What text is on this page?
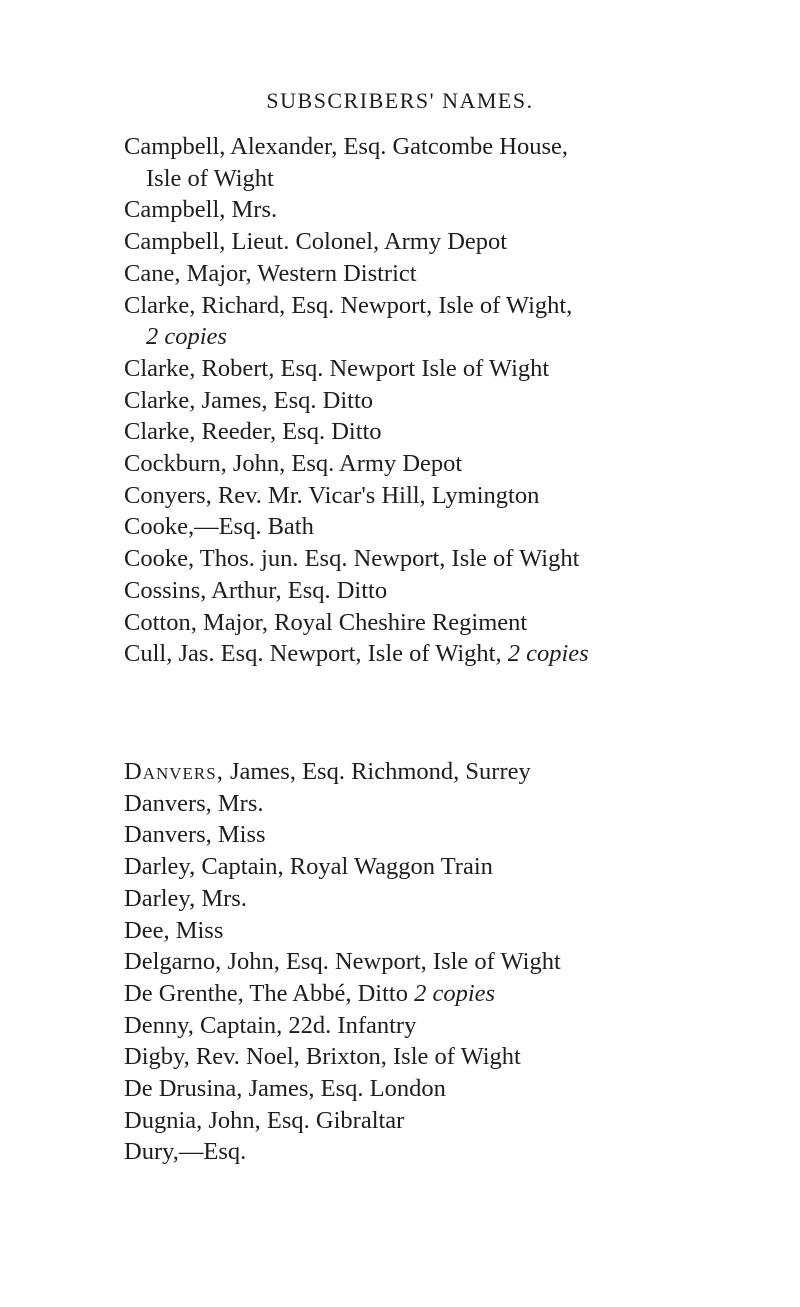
SUBSCRIBERS' NAMES.
Campbell, Alexander, Esq. Gatcombe House,
Isle of Wight
Campbell, Mrs.
Campbell, Lieut. Colonel, Army Depot
Cane, Major, Western District
Clarke, Richard, Esq. Newport, Isle of Wight,
2 copies
Clarke, Robert, Esq. Newport Isle of Wight
Clarke, James, Esq. Ditto
Clarke, Reeder, Esq. Ditto
Cockburn, John, Esq. Army Depot
Conyers, Rev. Mr. Vicar's Hill, Lymington
Cooke,—Esq. Bath
Cooke, Thos. jun. Esq. Newport, Isle of Wight
Cossins, Arthur, Esq. Ditto
Cotton, Major, Royal Cheshire Regiment
Cull, Jas. Esq. Newport, Isle of Wight, 2 copies
Danvers, James, Esq. Richmond, Surrey
Danvers, Mrs.
Danvers, Miss
Darley, Captain, Royal Waggon Train
Darley, Mrs.
Dee, Miss
Delgarno, John, Esq. Newport, Isle of Wight
De Grenthe, The Abbé, Ditto 2 copies
Denny, Captain, 22d. Infantry
Digby, Rev. Noel, Brixton, Isle of Wight
De Drusina, James, Esq. London
Dugnia, John, Esq. Gibraltar
Dury,—Esq.
